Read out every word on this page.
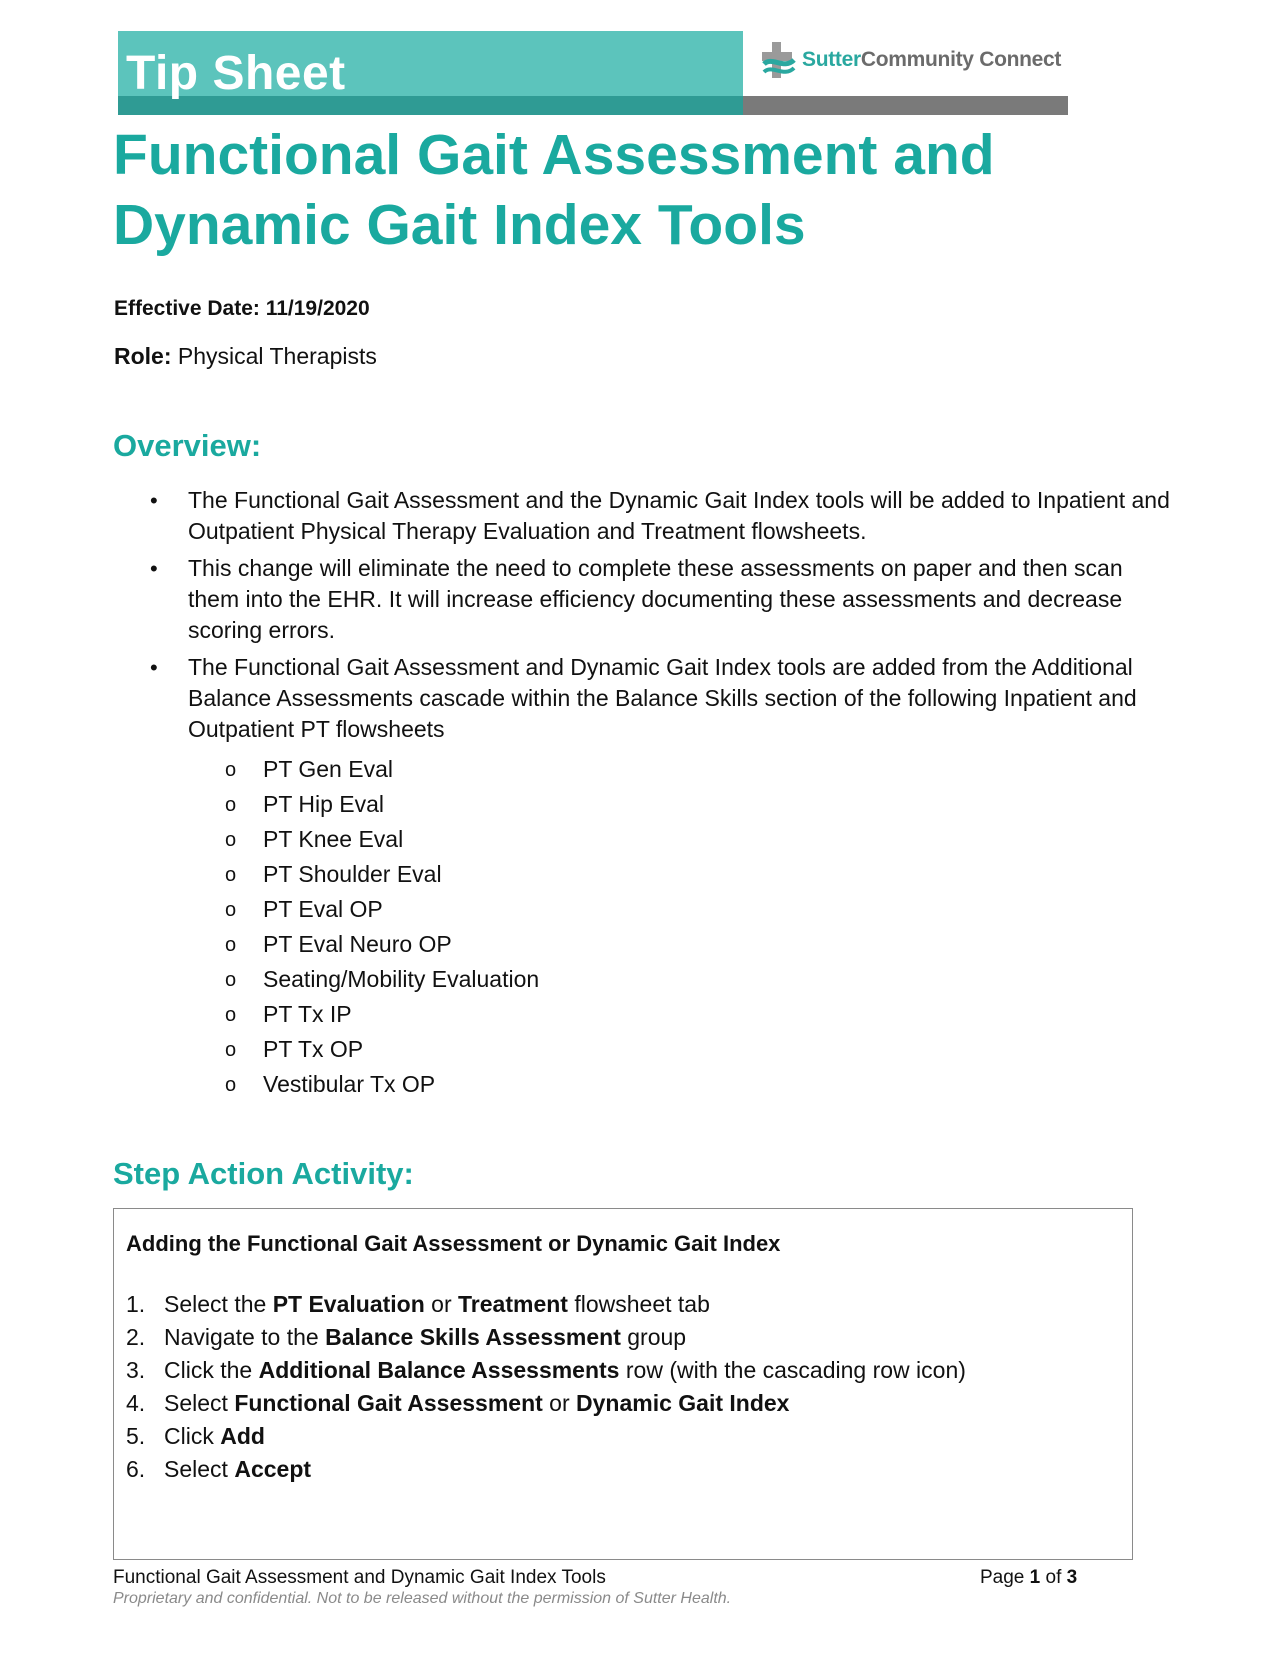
Tip Sheet	SutterCommunity Connect
Functional Gait Assessment and
Dynamic Gait Index Tools
Effective Date: 11/19/2020
Role: Physical Therapists
Overview:
• The Functional Gait Assessment and the Dynamic Gait Index tools will be added to Inpatient and Outpatient Physical Therapy Evaluation and Treatment flowsheets.
• This change will eliminate the need to complete these assessments on paper and then scan them into the EHR. It will increase efficiency documenting these assessments and decrease scoring errors.
• The Functional Gait Assessment and Dynamic Gait Index tools are added from the Additional Balance Assessments cascade within the Balance Skills section of the following Inpatient and Outpatient PT flowsheets
o PT Gen Eval
o PT Hip Eval
o PT Knee Eval
o PT Shoulder Eval
o PT Eval OP
o PT Eval Neuro OP
o Seating/Mobility Evaluation
o PT Tx IP
o PT Tx OP
o Vestibular Tx OP
Step Action Activity:
Adding the Functional Gait Assessment or Dynamic Gait Index
1. Select the PT Evaluation or Treatment flowsheet tab
2. Navigate to the Balance Skills Assessment group
3. Click the Additional Balance Assessments row (with the cascading row icon)
4. Select Functional Gait Assessment or Dynamic Gait Index
5. Click Add
6. Select Accept
Functional Gait Assessment and Dynamic Gait Index Tools	Page 1 of 3
Proprietary and confidential. Not to be released without the permission of Sutter Health.
